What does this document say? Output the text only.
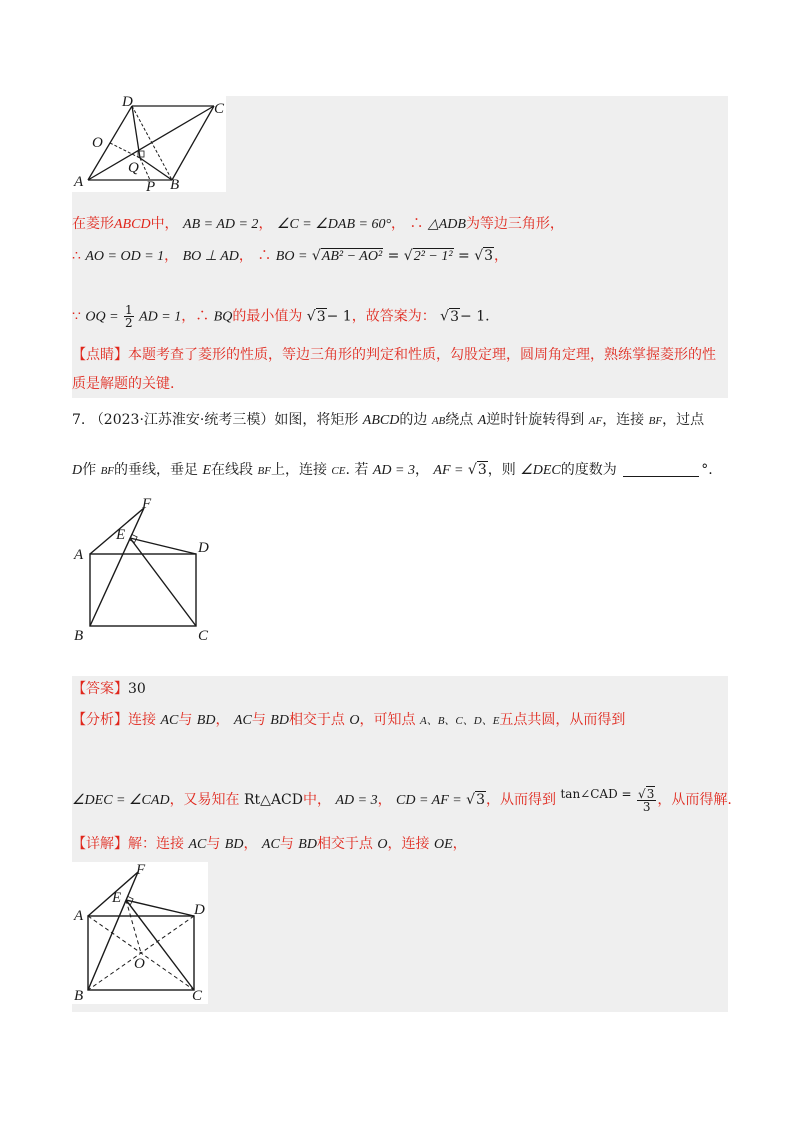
D	C
O
Q
A	P B
在菱形ABCD中， AB = AD = 2， ∠C = ∠DAB = 60°， ∴ △ADB为等边三角形，
∴ AO = OD = 1， BO ⊥ AD， ∴ BO = √AB² − AO² = √2² − 1² = √3，
∵ OQ = $\frac{1}{2}$ AD = 1，∴ BQ的最小值为 √3− 1，故答案为： √3− 1.
【点睛】本题考查了菱形的性质，等边三角形的判定和性质，勾股定理，圆周角定理，熟练掌握菱形的性
质是解题的关键.
7. （2023·江苏淮安·统考三模）如图，将矩形 ABCD的边 AB绕点 A逆时针旋转得到 AF，连接 BF，过点
D作 BF的垂线，垂足 E在线段 BF上，连接 CE. 若 AD = 3， AF = √3，则 ∠DEC的度数为	°.
F
E
A	D
B	C
【答案】30
【分析】连接 AC与 BD， AC与 BD相交于点 O，可知点 A、B、C、D、E五点共圆，从而得到
∠DEC = ∠CAD，又易知在 Rt△ACD中， AD = 3， CD = AF = √3，从而得到 tan∠CAD = $\frac{√3}{3}$ ，从而得解.
【详解】解：连接 AC与 BD， AC与 BD相交于点 O，连接 OE，
F
E
A	D
O
B	C
